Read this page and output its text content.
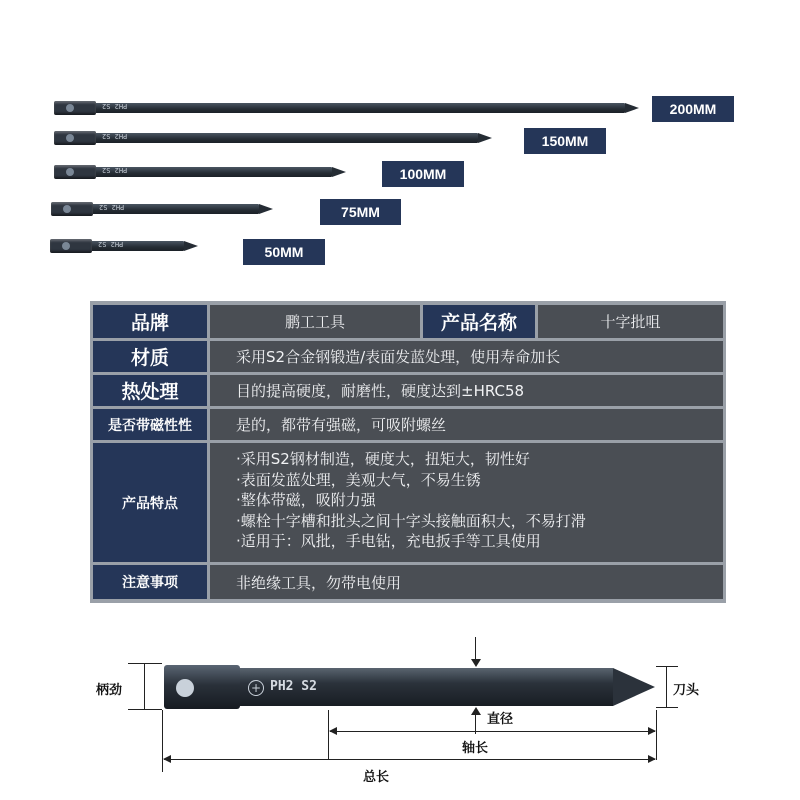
PH2 S2	200MM
PH2 S2	150MM
PH2 S2	100MM
PH2 S2	75MM
PH2 S2	50MM
品牌	鹏工工具	产品名称	十字批咀
材质	采用S2合金钢锻造/表面发蓝处理，使用寿命加长
热处理	目的提高硬度，耐磨性，硬度达到±HRC58
是否带磁性性	是的，都带有强磁，可吸附螺丝
产品特点
·采用S2钢材制造，硬度大，扭矩大，韧性好
·表面发蓝处理，美观大气，不易生锈
·整体带磁，吸附力强
·螺栓十字槽和批头之间十字头接触面积大，不易打滑
·适用于：风批，手电钻，充电扳手等工具使用
注意事项	非绝缘工具，勿带电使用
+ PH2 S2
柄劲	刀头
直径
轴长
总长
